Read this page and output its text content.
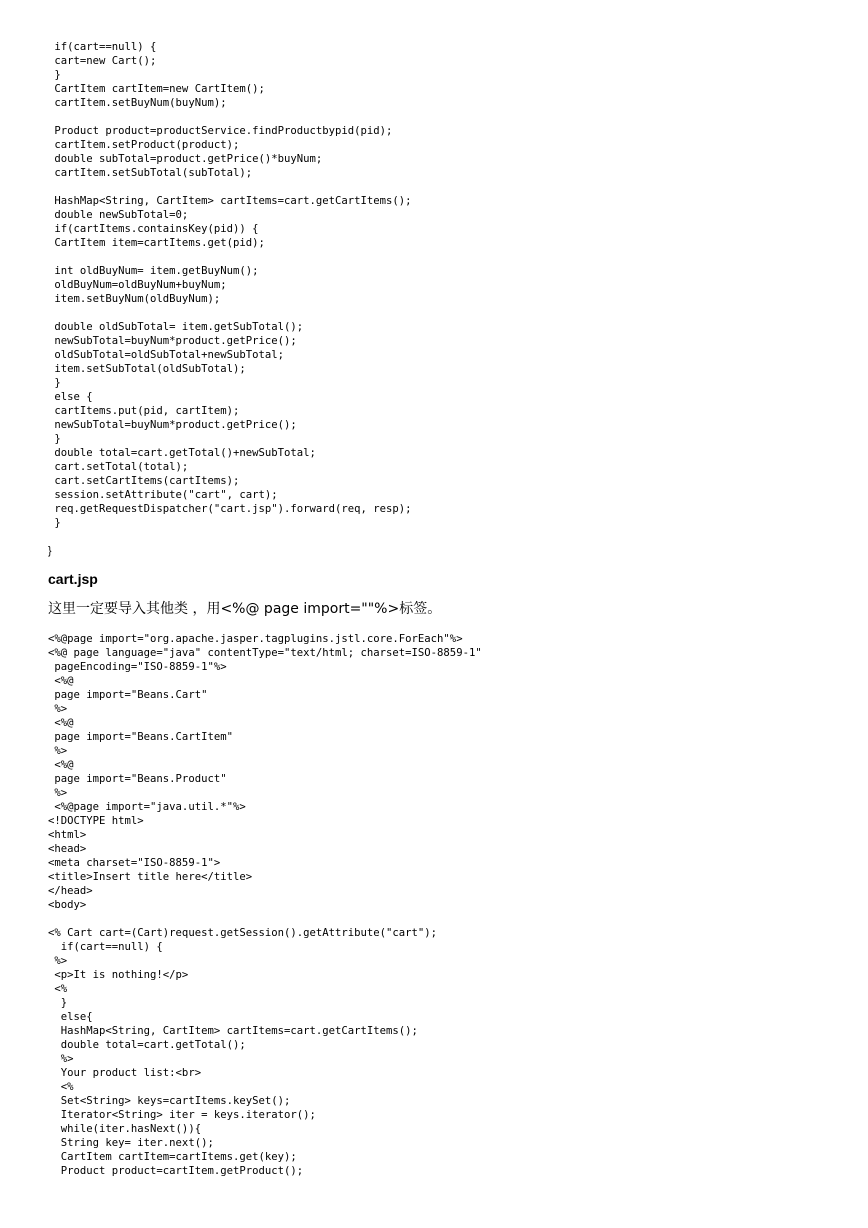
if(cart==null) {
cart=new Cart();
}
CartItem cartItem=new CartItem();
cartItem.setBuyNum(buyNum);
Product product=productService.findProductbypid(pid);
cartItem.setProduct(product);
double subTotal=product.getPrice()*buyNum;
cartItem.setSubTotal(subTotal);
HashMap<String, CartItem> cartItems=cart.getCartItems();
double newSubTotal=0;
if(cartItems.containsKey(pid)) {
CartItem item=cartItems.get(pid);
int oldBuyNum= item.getBuyNum();
oldBuyNum=oldBuyNum+buyNum;
item.setBuyNum(oldBuyNum);
double oldSubTotal= item.getSubTotal();
newSubTotal=buyNum*product.getPrice();
oldSubTotal=oldSubTotal+newSubTotal;
item.setSubTotal(oldSubTotal);
}
else {
cartItems.put(pid, cartItem);
newSubTotal=buyNum*product.getPrice();
}
double total=cart.getTotal()+newSubTotal;
cart.setTotal(total);
cart.setCartItems(cartItems);
session.setAttribute("cart", cart);
req.getRequestDispatcher("cart.jsp").forward(req, resp);
}
}
cart.jsp

这里一定要导入其他类 ，用<%@ page import=""%>标签。

<%@page import="org.apache.jasper.tagplugins.jstl.core.ForEach"%>
<%@ page language="java" contentType="text/html; charset=ISO-8859-1"
pageEncoding="ISO-8859-1"%>
<%@
page import="Beans.Cart"
%>
<%@
page import="Beans.CartItem"
%>
<%@
page import="Beans.Product"
%>
<%@page import="java.util.*"%>
<!DOCTYPE html>
<html>
<head>
<meta charset="ISO-8859-1">
<title>Insert title here</title>
</head>
<body>
<% Cart cart=(Cart)request.getSession().getAttribute("cart");
if(cart==null) {
%>
<p>It is nothing!</p>
<%
}
else{
HashMap<String, CartItem> cartItems=cart.getCartItems();
double total=cart.getTotal();
%>
Your product list:<br>
<%
Set<String> keys=cartItems.keySet();
Iterator<String> iter = keys.iterator();
while(iter.hasNext()){
String key= iter.next();
CartItem cartItem=cartItems.get(key);
Product product=cartItem.getProduct();
